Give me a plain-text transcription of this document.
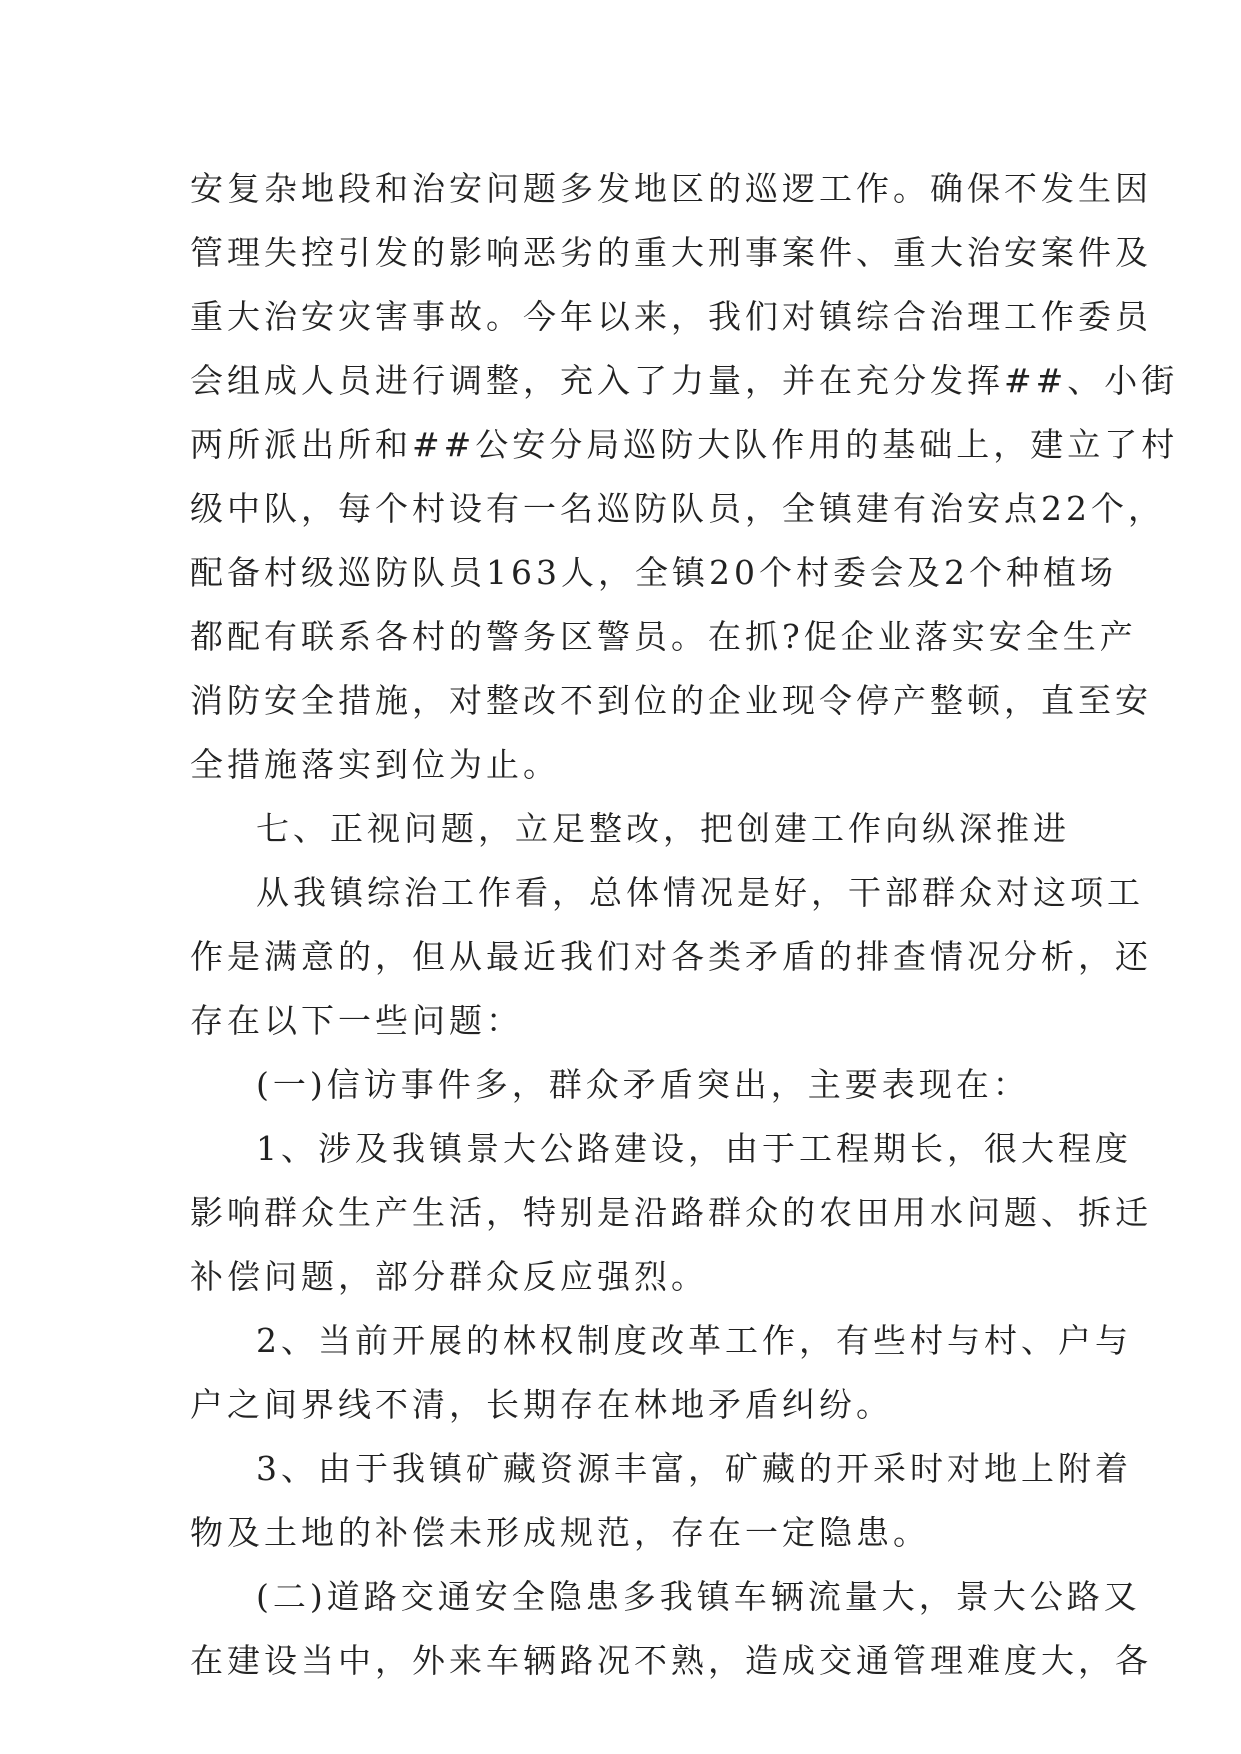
安复杂地段和治安问题多发地区的巡逻工作。确保不发生因
管理失控引发的影响恶劣的重大刑事案件、重大治安案件及
重大治安灾害事故。今年以来，我们对镇综合治理工作委员
会组成人员进行调整，充入了力量，并在充分发挥##、小街
两所派出所和##公安分局巡防大队作用的基础上，建立了村
级中队，每个村设有一名巡防队员，全镇建有治安点22个，
配备村级巡防队员163人，全镇20个村委会及2个种植场
都配有联系各村的警务区警员。在抓?促企业落实安全生产
消防安全措施，对整改不到位的企业现令停产整顿，直至安
全措施落实到位为止。
七、正视问题，立足整改，把创建工作向纵深推进
从我镇综治工作看，总体情况是好，干部群众对这项工
作是满意的，但从最近我们对各类矛盾的排查情况分析，还
存在以下一些问题：
(一)信访事件多，群众矛盾突出，主要表现在：
1、涉及我镇景大公路建设，由于工程期长，很大程度
影响群众生产生活，特别是沿路群众的农田用水问题、拆迁
补偿问题，部分群众反应强烈。
2、当前开展的林权制度改革工作，有些村与村、户与
户之间界线不清，长期存在林地矛盾纠纷。
3、由于我镇矿藏资源丰富，矿藏的开采时对地上附着
物及土地的补偿未形成规范，存在一定隐患。
(二)道路交通安全隐患多我镇车辆流量大，景大公路又
在建设当中，外来车辆路况不熟，造成交通管理难度大，各
